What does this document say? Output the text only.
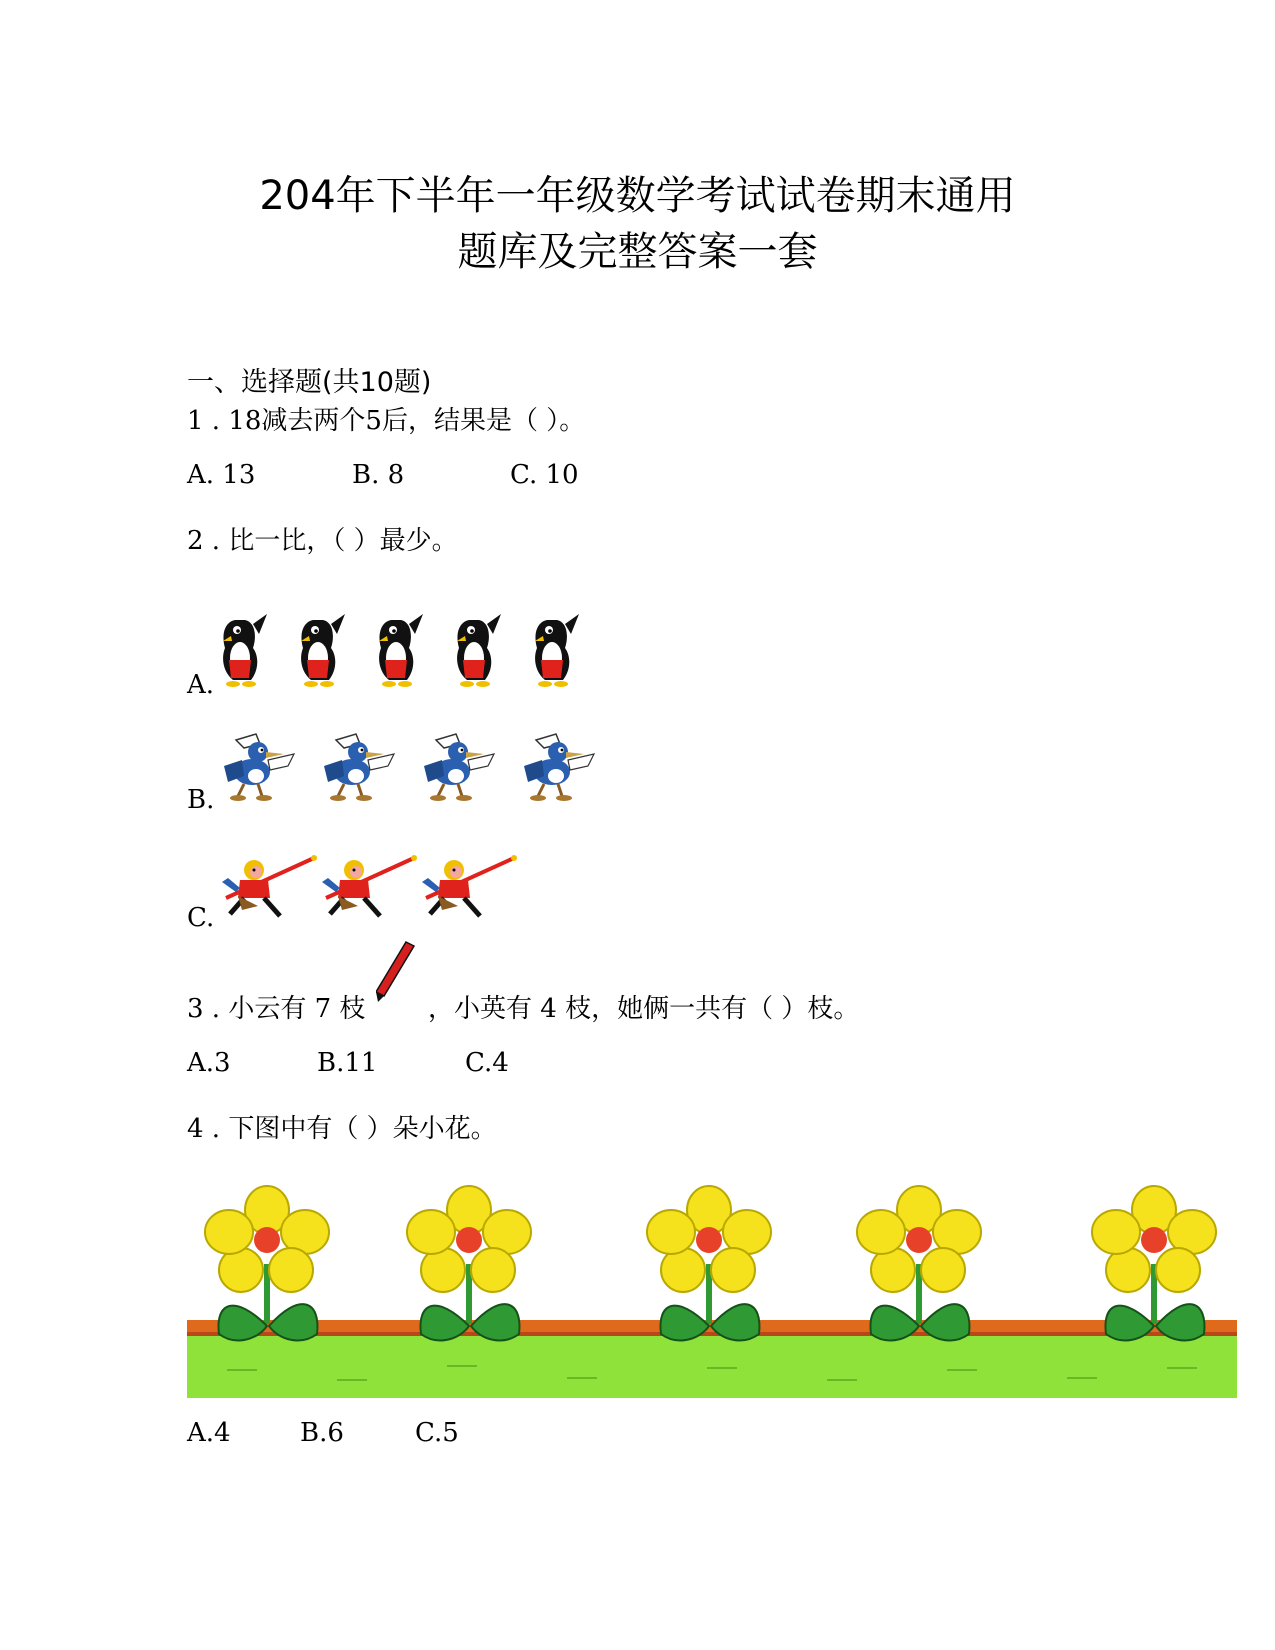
204年下半年一年级数学考试试卷期末通用
题库及完整答案一套
一、选择题(共10题)
1 . 18减去两个5后，结果是（ ）。
A. 13	B. 8	C. 10
2 . 比一比，（ ）最少。
A.
B.
C.
3 . 小云有 7 枝 ，小英有 4 枝，她俩一共有（ ）枝。
A.3	B.11	C.4
4 . 下图中有（ ）朵小花。
A.4	B.6	C.5
